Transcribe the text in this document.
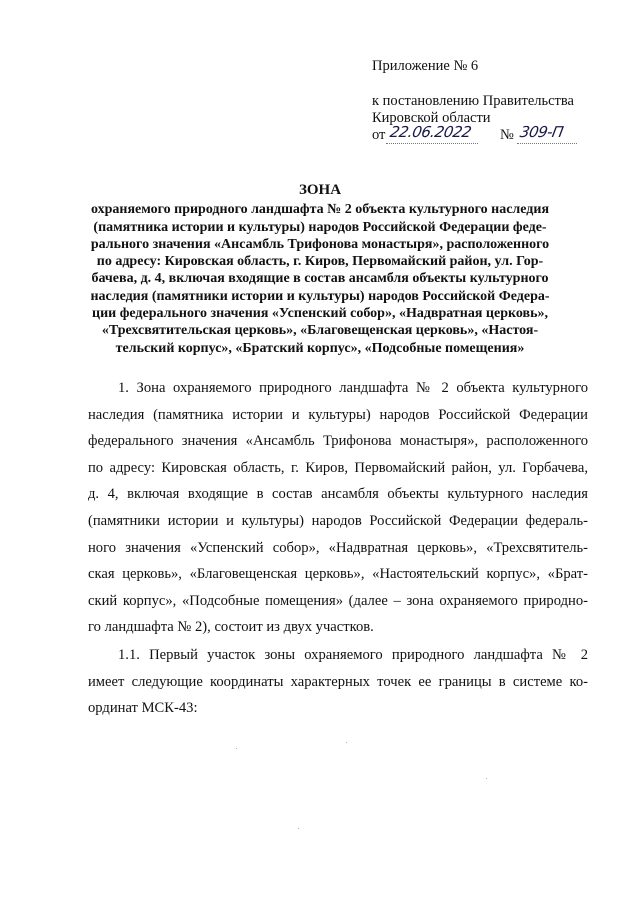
Приложение № 6

к постановлению Правительства

Кировской области

от 22.06.2022 № 309-П
ЗОНА
охраняемого природного ландшафта № 2 объекта культурного наследия
(памятника истории и культуры) народов Российской Федерации феде-
рального значения «Ансамбль Трифонова монастыря», расположенного
по адресу: Кировская область, г. Киров, Первомайский район, ул. Гор-
бачева, д. 4, включая входящие в состав ансамбля объекты культурного
наследия (памятники истории и культуры) народов Российской Федера-
ции федерального значения «Успенский собор», «Надвратная церковь»,
«Трехсвятительская церковь», «Благовещенская церковь», «Настоя-
тельский корпус», «Братский корпус», «Подсобные помещения»
1. Зона охраняемого природного ландшафта № 2 объекта культурного
наследия (памятника истории и культуры) народов Российской Федерации
федерального значения «Ансамбль Трифонова монастыря», расположенного
по адресу: Кировская область, г. Киров, Первомайский район, ул. Горбачева,
д. 4, включая входящие в состав ансамбля объекты культурного наследия
(памятники истории и культуры) народов Российской Федерации федераль-
ного значения «Успенский собор», «Надвратная церковь», «Трехсвятитель-
ская церковь», «Благовещенская церковь», «Настоятельский корпус», «Брат-
ский корпус», «Подсобные помещения» (далее – зона охраняемого природно-
го ландшафта № 2), состоит из двух участков.
1.1. Первый участок зоны охраняемого природного ландшафта № 2
имеет следующие координаты характерных точек ее границы в системе ко-
ординат МСК-43:
